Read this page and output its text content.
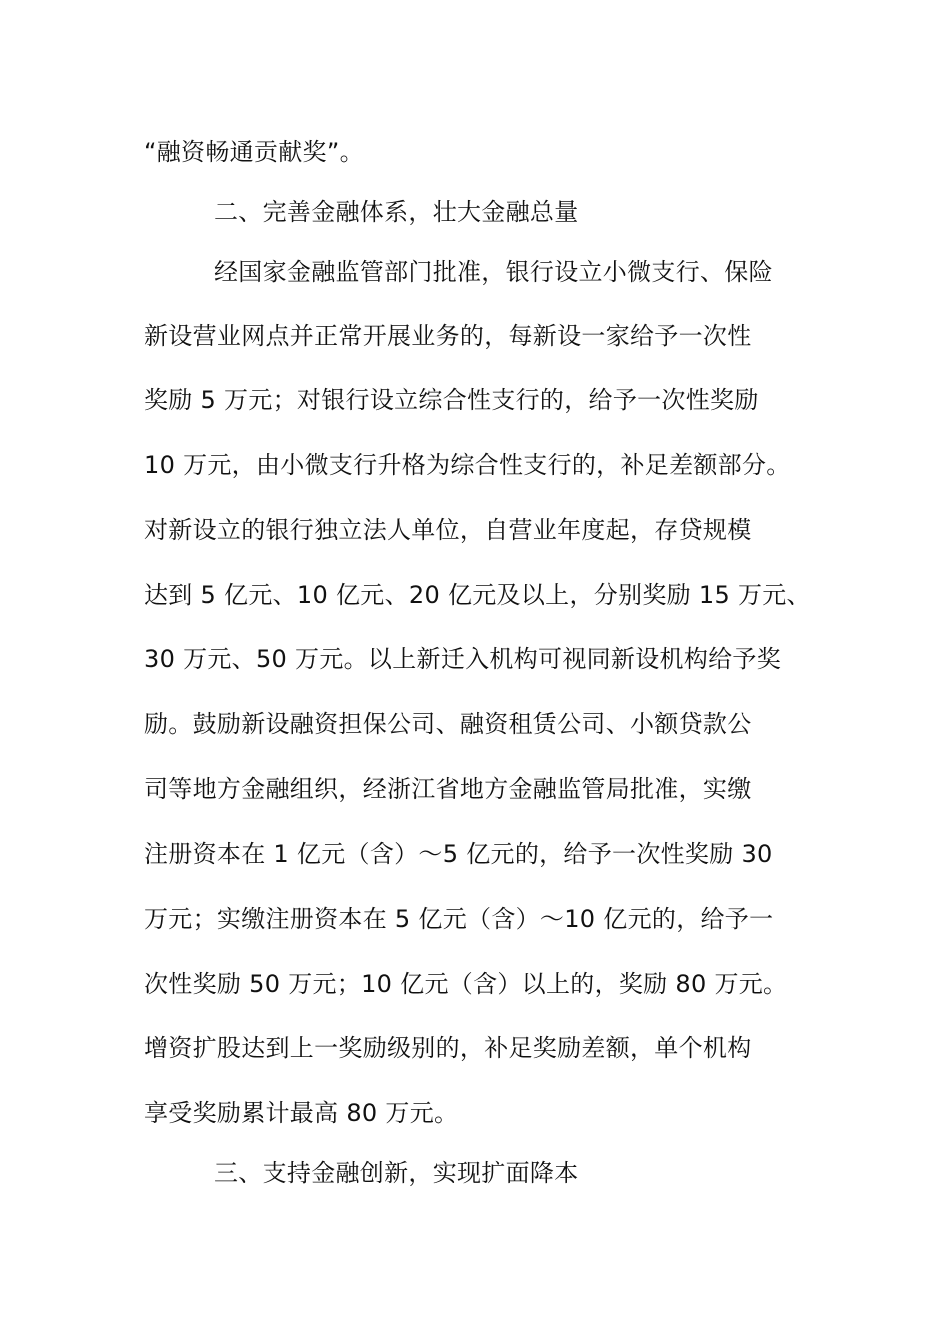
“融资畅通贡献奖”。
二、完善金融体系，壮大金融总量
经国家金融监管部门批准，银行设立小微支行、保险
新设营业网点并正常开展业务的，每新设一家给予一次性
奖励 5 万元；对银行设立综合性支行的，给予一次性奖励
10 万元，由小微支行升格为综合性支行的，补足差额部分。
对新设立的银行独立法人单位，自营业年度起，存贷规模
达到 5 亿元、10 亿元、20 亿元及以上，分别奖励 15 万元、
30 万元、50 万元。以上新迁入机构可视同新设机构给予奖
励。鼓励新设融资担保公司、融资租赁公司、小额贷款公
司等地方金融组织，经浙江省地方金融监管局批准，实缴
注册资本在 1 亿元（含）～5 亿元的，给予一次性奖励 30
万元；实缴注册资本在 5 亿元（含）～10 亿元的，给予一
次性奖励 50 万元；10 亿元（含）以上的，奖励 80 万元。
增资扩股达到上一奖励级别的，补足奖励差额，单个机构
享受奖励累计最高 80 万元。
三、支持金融创新，实现扩面降本
